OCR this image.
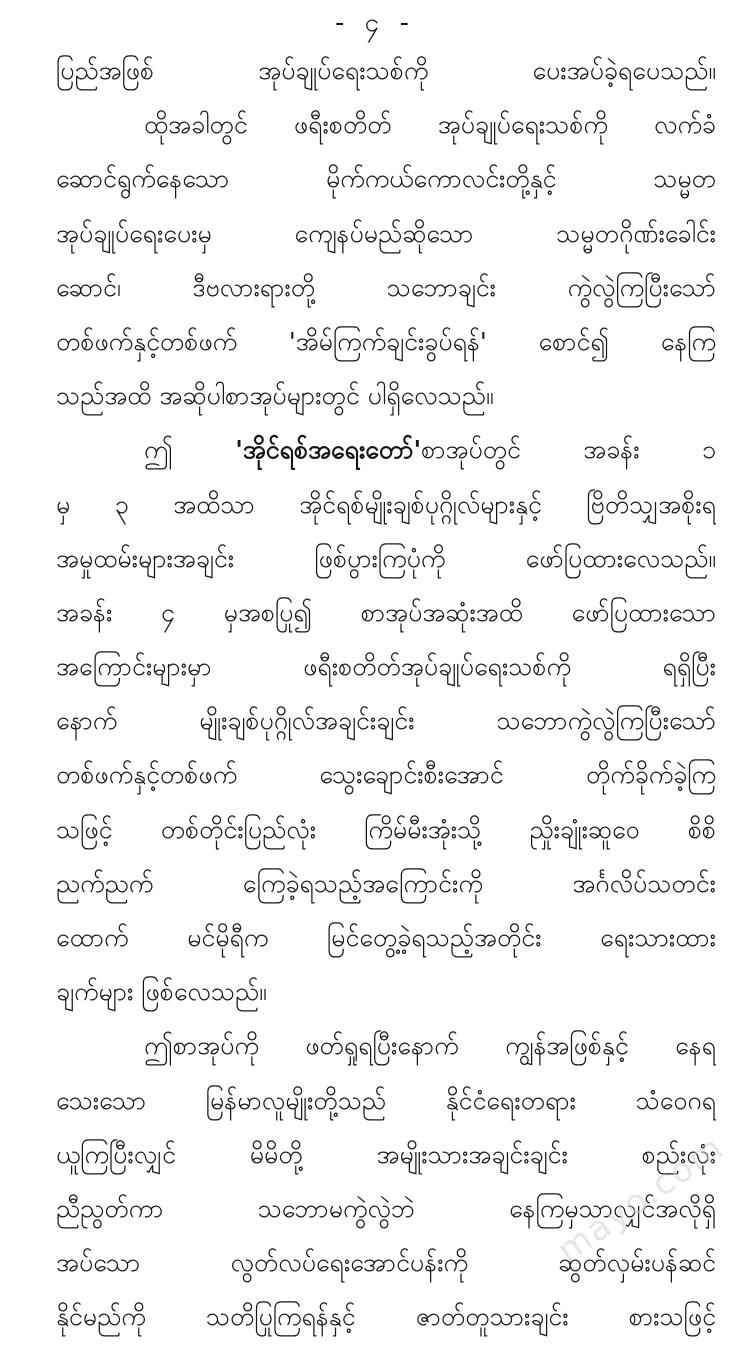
- ၄ -
ပြည်အဖြစ် အုပ်ချုပ်ရေးသစ်ကို ပေးအပ်ခဲ့ရပေသည်။
ထိုအခါတွင် ဖရီးစတိတ် အုပ်ချုပ်ရေးသစ်ကို လက်ခံ
ဆောင်ရွက်နေသော မိုက်ကယ်ကောလင်းတို့နှင့် သမ္မတ
အုပ်ချုပ်ရေးပေးမှ ကျေနပ်မည်ဆိုသော သမ္မတဂိုဏ်းခေါင်း
ဆောင်၊ ဒီဗလားရားတို့ သဘောချင်း ကွဲလွဲကြပြီးသော်
တစ်ဖက်နှင့်တစ်ဖက် 'အိမ်ကြက်ချင်းခွပ်ရန်' စောင်၍ နေကြ
သည်အထိ အဆိုပါစာအုပ်များတွင် ပါရှိလေသည်။
ဤ 'အိုင်ရစ်အရေးတော်'စာအုပ်တွင် အခန်း ၁
မှ ၃ အထိသာ အိုင်ရစ်မျိုးချစ်ပုဂ္ဂိုလ်များနှင့် ဗြိတိသျှအစိုးရ
အမှုထမ်းများအချင်း ဖြစ်ပွားကြပုံကို ဖော်ပြထားလေသည်။
အခန်း ၄ မှအစပြု၍ စာအုပ်အဆုံးအထိ ဖော်ပြထားသော
အကြောင်းများမှာ ဖရီးစတိတ်အုပ်ချုပ်ရေးသစ်ကို ရရှိပြီး
နောက် မျိုးချစ်ပုဂ္ဂိုလ်အချင်းချင်း သဘောကွဲလွဲကြပြီးသော်
တစ်ဖက်နှင့်တစ်ဖက် သွေးချောင်းစီးအောင် တိုက်ခိုက်ခဲ့ကြ
သဖြင့် တစ်တိုင်းပြည်လုံး ကြိမ်မီးအုံးသို့ ညှိုးချုံးဆူဝေ စိစိ
ညက်ညက် ကြေခဲ့ရသည့်အကြောင်းကို အင်္ဂလိပ်သတင်း
ထောက် မင်မိုရီက မြင်တွေ့ခဲ့ရသည့်အတိုင်း ရေးသားထား
ချက်များ ဖြစ်လေသည်။
ဤစာအုပ်ကို ဖတ်ရှုရပြီးနောက် ကျွန်အဖြစ်နှင့် နေရ
သေးသော မြန်မာလူမျိုးတို့သည် နိုင်ငံရေးတရား သံဝေဂရ
ယူကြပြီးလျှင် မိမိတို့ အမျိုးသားအချင်းချင်း စည်းလုံး
ညီညွတ်ကာ သဘောမကွဲလွဲဘဲ နေကြမှသာလျှင်အလိုရှိ
အပ်သော လွတ်လပ်ရေးအောင်ပန်းကို ဆွတ်လှမ်းပန်ဆင်
နိုင်မည်ကို သတိပြုကြရန်နှင့် ဇာတ်တူသားချင်း စားသဖြင့်
mayo.com
